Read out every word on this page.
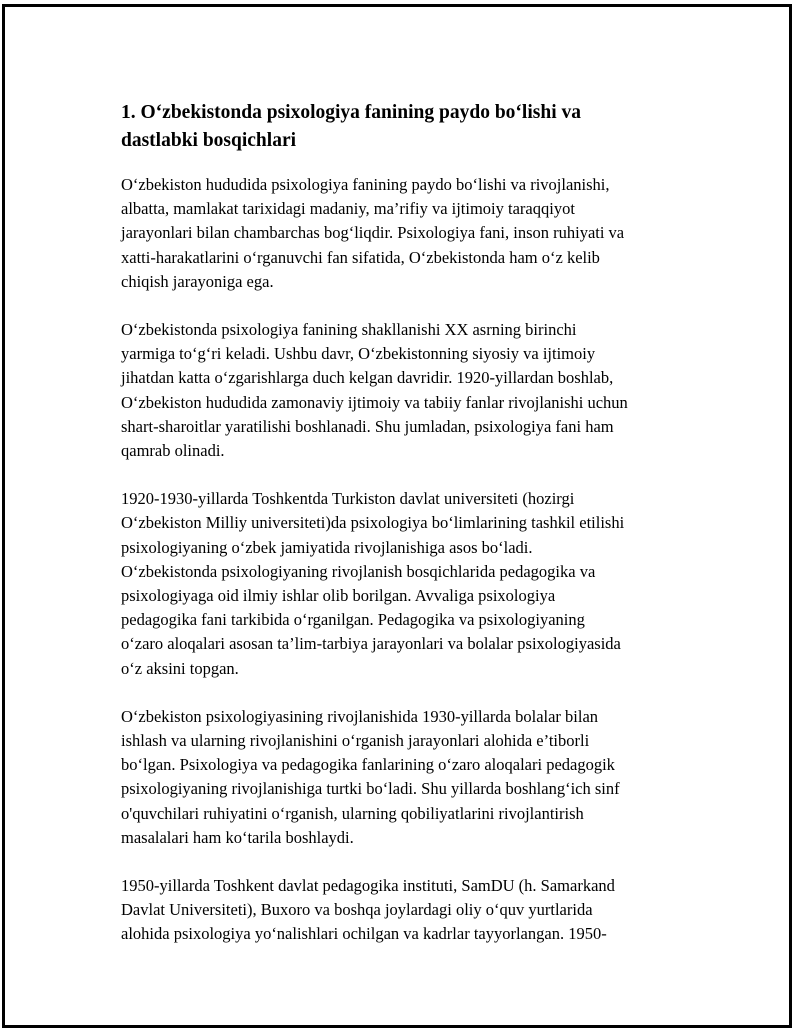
1. O‘zbekistonda psixologiya fanining paydo bo‘lishi va
dastlabki bosqichlari

O‘zbekiston hududida psixologiya fanining paydo bo‘lishi va rivojlanishi,
albatta, mamlakat tarixidagi madaniy, ma’rifiy va ijtimoiy taraqqiyot
jarayonlari bilan chambarchas bog‘liqdir. Psixologiya fani, inson ruhiyati va
xatti-harakatlarini o‘rganuvchi fan sifatida, O‘zbekistonda ham o‘z kelib
chiqish jarayoniga ega.

O‘zbekistonda psixologiya fanining shakllanishi XX asrning birinchi
yarmiga to‘g‘ri keladi. Ushbu davr, O‘zbekistonning siyosiy va ijtimoiy
jihatdan katta o‘zgarishlarga duch kelgan davridir. 1920-yillardan boshlab,
O‘zbekiston hududida zamonaviy ijtimoiy va tabiiy fanlar rivojlanishi uchun
shart-sharoitlar yaratilishi boshlanadi. Shu jumladan, psixologiya fani ham
qamrab olinadi.

1920-1930-yillarda Toshkentda Turkiston davlat universiteti (hozirgi
O‘zbekiston Milliy universiteti)da psixologiya bo‘limlarining tashkil etilishi
psixologiyaning o‘zbek jamiyatida rivojlanishiga asos bo‘ladi.
O‘zbekistonda psixologiyaning rivojlanish bosqichlarida pedagogika va
psixologiyaga oid ilmiy ishlar olib borilgan. Avvaliga psixologiya
pedagogika fani tarkibida o‘rganilgan. Pedagogika va psixologiyaning
o‘zaro aloqalari asosan ta’lim-tarbiya jarayonlari va bolalar psixologiyasida
o‘z aksini topgan.

O‘zbekiston psixologiyasining rivojlanishida 1930-yillarda bolalar bilan
ishlash va ularning rivojlanishini o‘rganish jarayonlari alohida e’tiborli
bo‘lgan. Psixologiya va pedagogika fanlarining o‘zaro aloqalari pedagogik
psixologiyaning rivojlanishiga turtki bo‘ladi. Shu yillarda boshlang‘ich sinf
o'quvchilari ruhiyatini o‘rganish, ularning qobiliyatlarini rivojlantirish
masalalari ham ko‘tarila boshlaydi.

1950-yillarda Toshkent davlat pedagogika instituti, SamDU (h. Samarkand
Davlat Universiteti), Buxoro va boshqa joylardagi oliy o‘quv yurtlarida
alohida psixologiya yo‘nalishlari ochilgan va kadrlar tayyorlangan. 1950-
